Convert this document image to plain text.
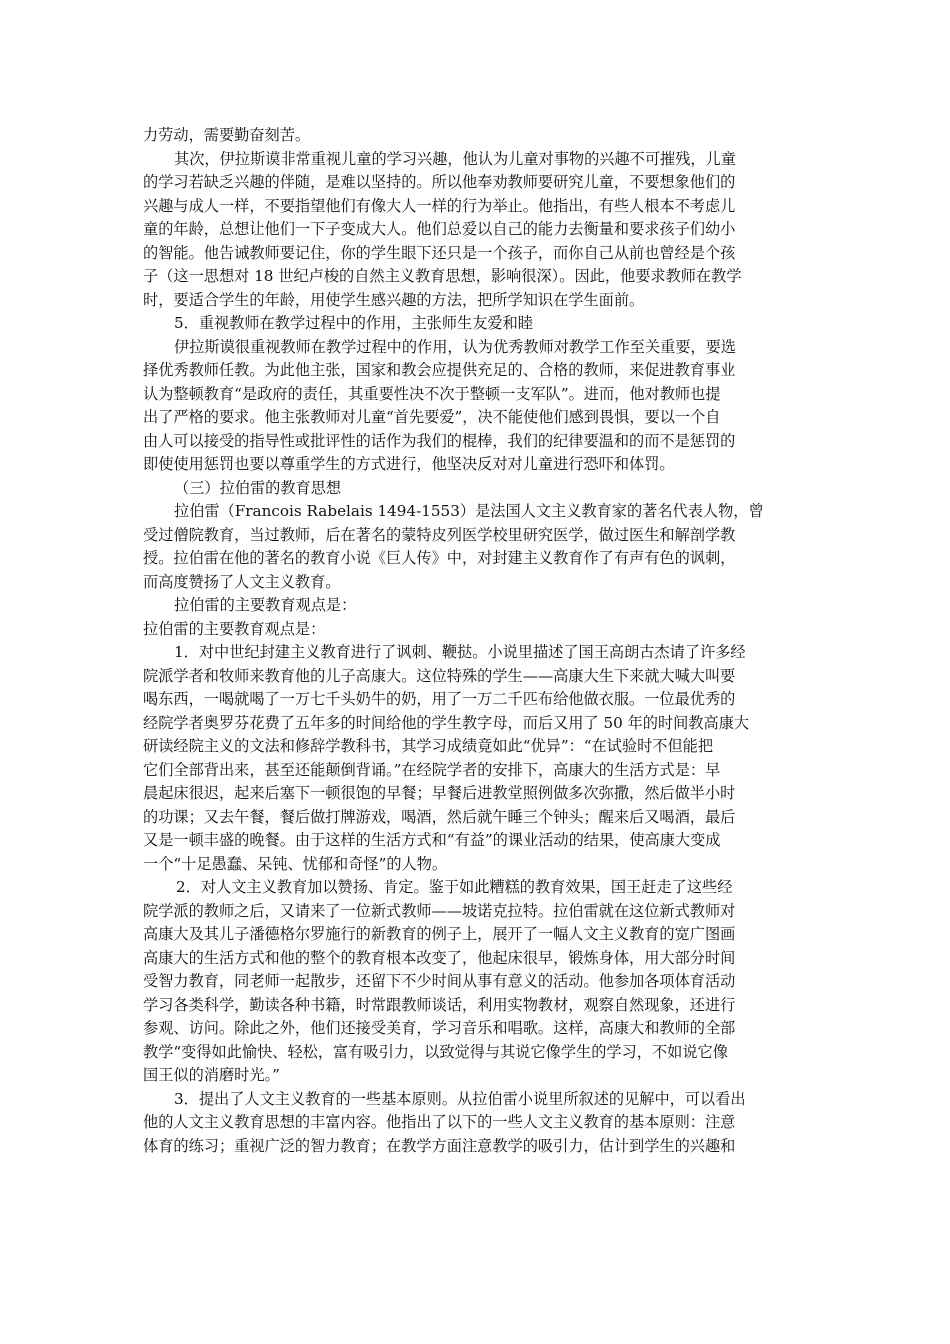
力劳动，需要勤奋刻苦。
其次，伊拉斯谟非常重视儿童的学习兴趣，他认为儿童对事物的兴趣不可摧残，儿童
的学习若缺乏兴趣的伴随，是难以坚持的。所以他奉劝教师要研究儿童，不要想象他们的
兴趣与成人一样，不要指望他们有像大人一样的行为举止。他指出，有些人根本不考虑儿
童的年龄，总想让他们一下子变成大人。他们总爱以自己的能力去衡量和要求孩子们幼小
的智能。他告诫教师要记住，你的学生眼下还只是一个孩子，而你自己从前也曾经是个孩
子（这一思想对 18 世纪卢梭的自然主义教育思想，影响很深）。因此，他要求教师在教学
时，要适合学生的年龄，用使学生感兴趣的方法，把所学知识在学生面前。
5．重视教师在教学过程中的作用，主张师生友爱和睦
伊拉斯谟很重视教师在教学过程中的作用，认为优秀教师对教学工作至关重要，要选
择优秀教师任教。为此他主张，国家和教会应提供充足的、合格的教师，来促进教育事业
认为整顿教育“是政府的责任，其重要性决不次于整顿一支军队”。进而，他对教师也提
出了严格的要求。他主张教师对儿童“首先要爱”，决不能使他们感到畏惧，要以一个自
由人可以接受的指导性或批评性的话作为我们的棍棒，我们的纪律要温和的而不是惩罚的
即使使用惩罚也要以尊重学生的方式进行，他坚决反对对儿童进行恐吓和体罚。
（三）拉伯雷的教育思想
拉伯雷（Francois Rabelais 1494-1553）是法国人文主义教育家的著名代表人物，曾
受过僧院教育，当过教师，后在著名的蒙特皮列医学校里研究医学，做过医生和解剖学教
授。拉伯雷在他的著名的教育小说《巨人传》中，对封建主义教育作了有声有色的讽刺，
而高度赞扬了人文主义教育。
拉伯雷的主要教育观点是：
拉伯雷的主要教育观点是：
1．对中世纪封建主义教育进行了讽刺、鞭挞。小说里描述了国王高朗古杰请了许多经
院派学者和牧师来教育他的儿子高康大。这位特殊的学生——高康大生下来就大喊大叫要
喝东西，一喝就喝了一万七千头奶牛的奶，用了一万二千匹布给他做衣服。一位最优秀的
经院学者奥罗芬花费了五年多的时间给他的学生教字母，而后又用了 50 年的时间教高康大
研读经院主义的文法和修辞学教科书，其学习成绩竟如此“优异”：“在试验时不但能把
它们全部背出来，甚至还能颠倒背诵。”在经院学者的安排下，高康大的生活方式是：早
晨起床很迟，起来后塞下一顿很饱的早餐；早餐后进教堂照例做多次弥撒，然后做半小时
的功课；又去午餐，餐后做打牌游戏，喝酒，然后就午睡三个钟头；醒来后又喝酒，最后
又是一顿丰盛的晚餐。由于这样的生活方式和“有益”的课业活动的结果，使高康大变成
一个“十足愚蠢、呆钝、忧郁和奇怪”的人物。
2．对人文主义教育加以赞扬、肯定。鉴于如此糟糕的教育效果，国王赶走了这些经
院学派的教师之后，又请来了一位新式教师——坡诺克拉特。拉伯雷就在这位新式教师对
高康大及其儿子潘德格尔罗施行的新教育的例子上，展开了一幅人文主义教育的宽广图画
高康大的生活方式和他的整个的教育根本改变了，他起床很早，锻炼身体，用大部分时间
受智力教育，同老师一起散步，还留下不少时间从事有意义的活动。他参加各项体育活动
学习各类科学，勤读各种书籍，时常跟教师谈话，利用实物教材，观察自然现象，还进行
参观、访问。除此之外，他们还接受美育，学习音乐和唱歌。这样，高康大和教师的全部
教学“变得如此愉快、轻松，富有吸引力，以致觉得与其说它像学生的学习，不如说它像
国王似的消磨时光。”
3．提出了人文主义教育的一些基本原则。从拉伯雷小说里所叙述的见解中，可以看出
他的人文主义教育思想的丰富内容。他指出了以下的一些人文主义教育的基本原则：注意
体育的练习；重视广泛的智力教育；在教学方面注意教学的吸引力，估计到学生的兴趣和
